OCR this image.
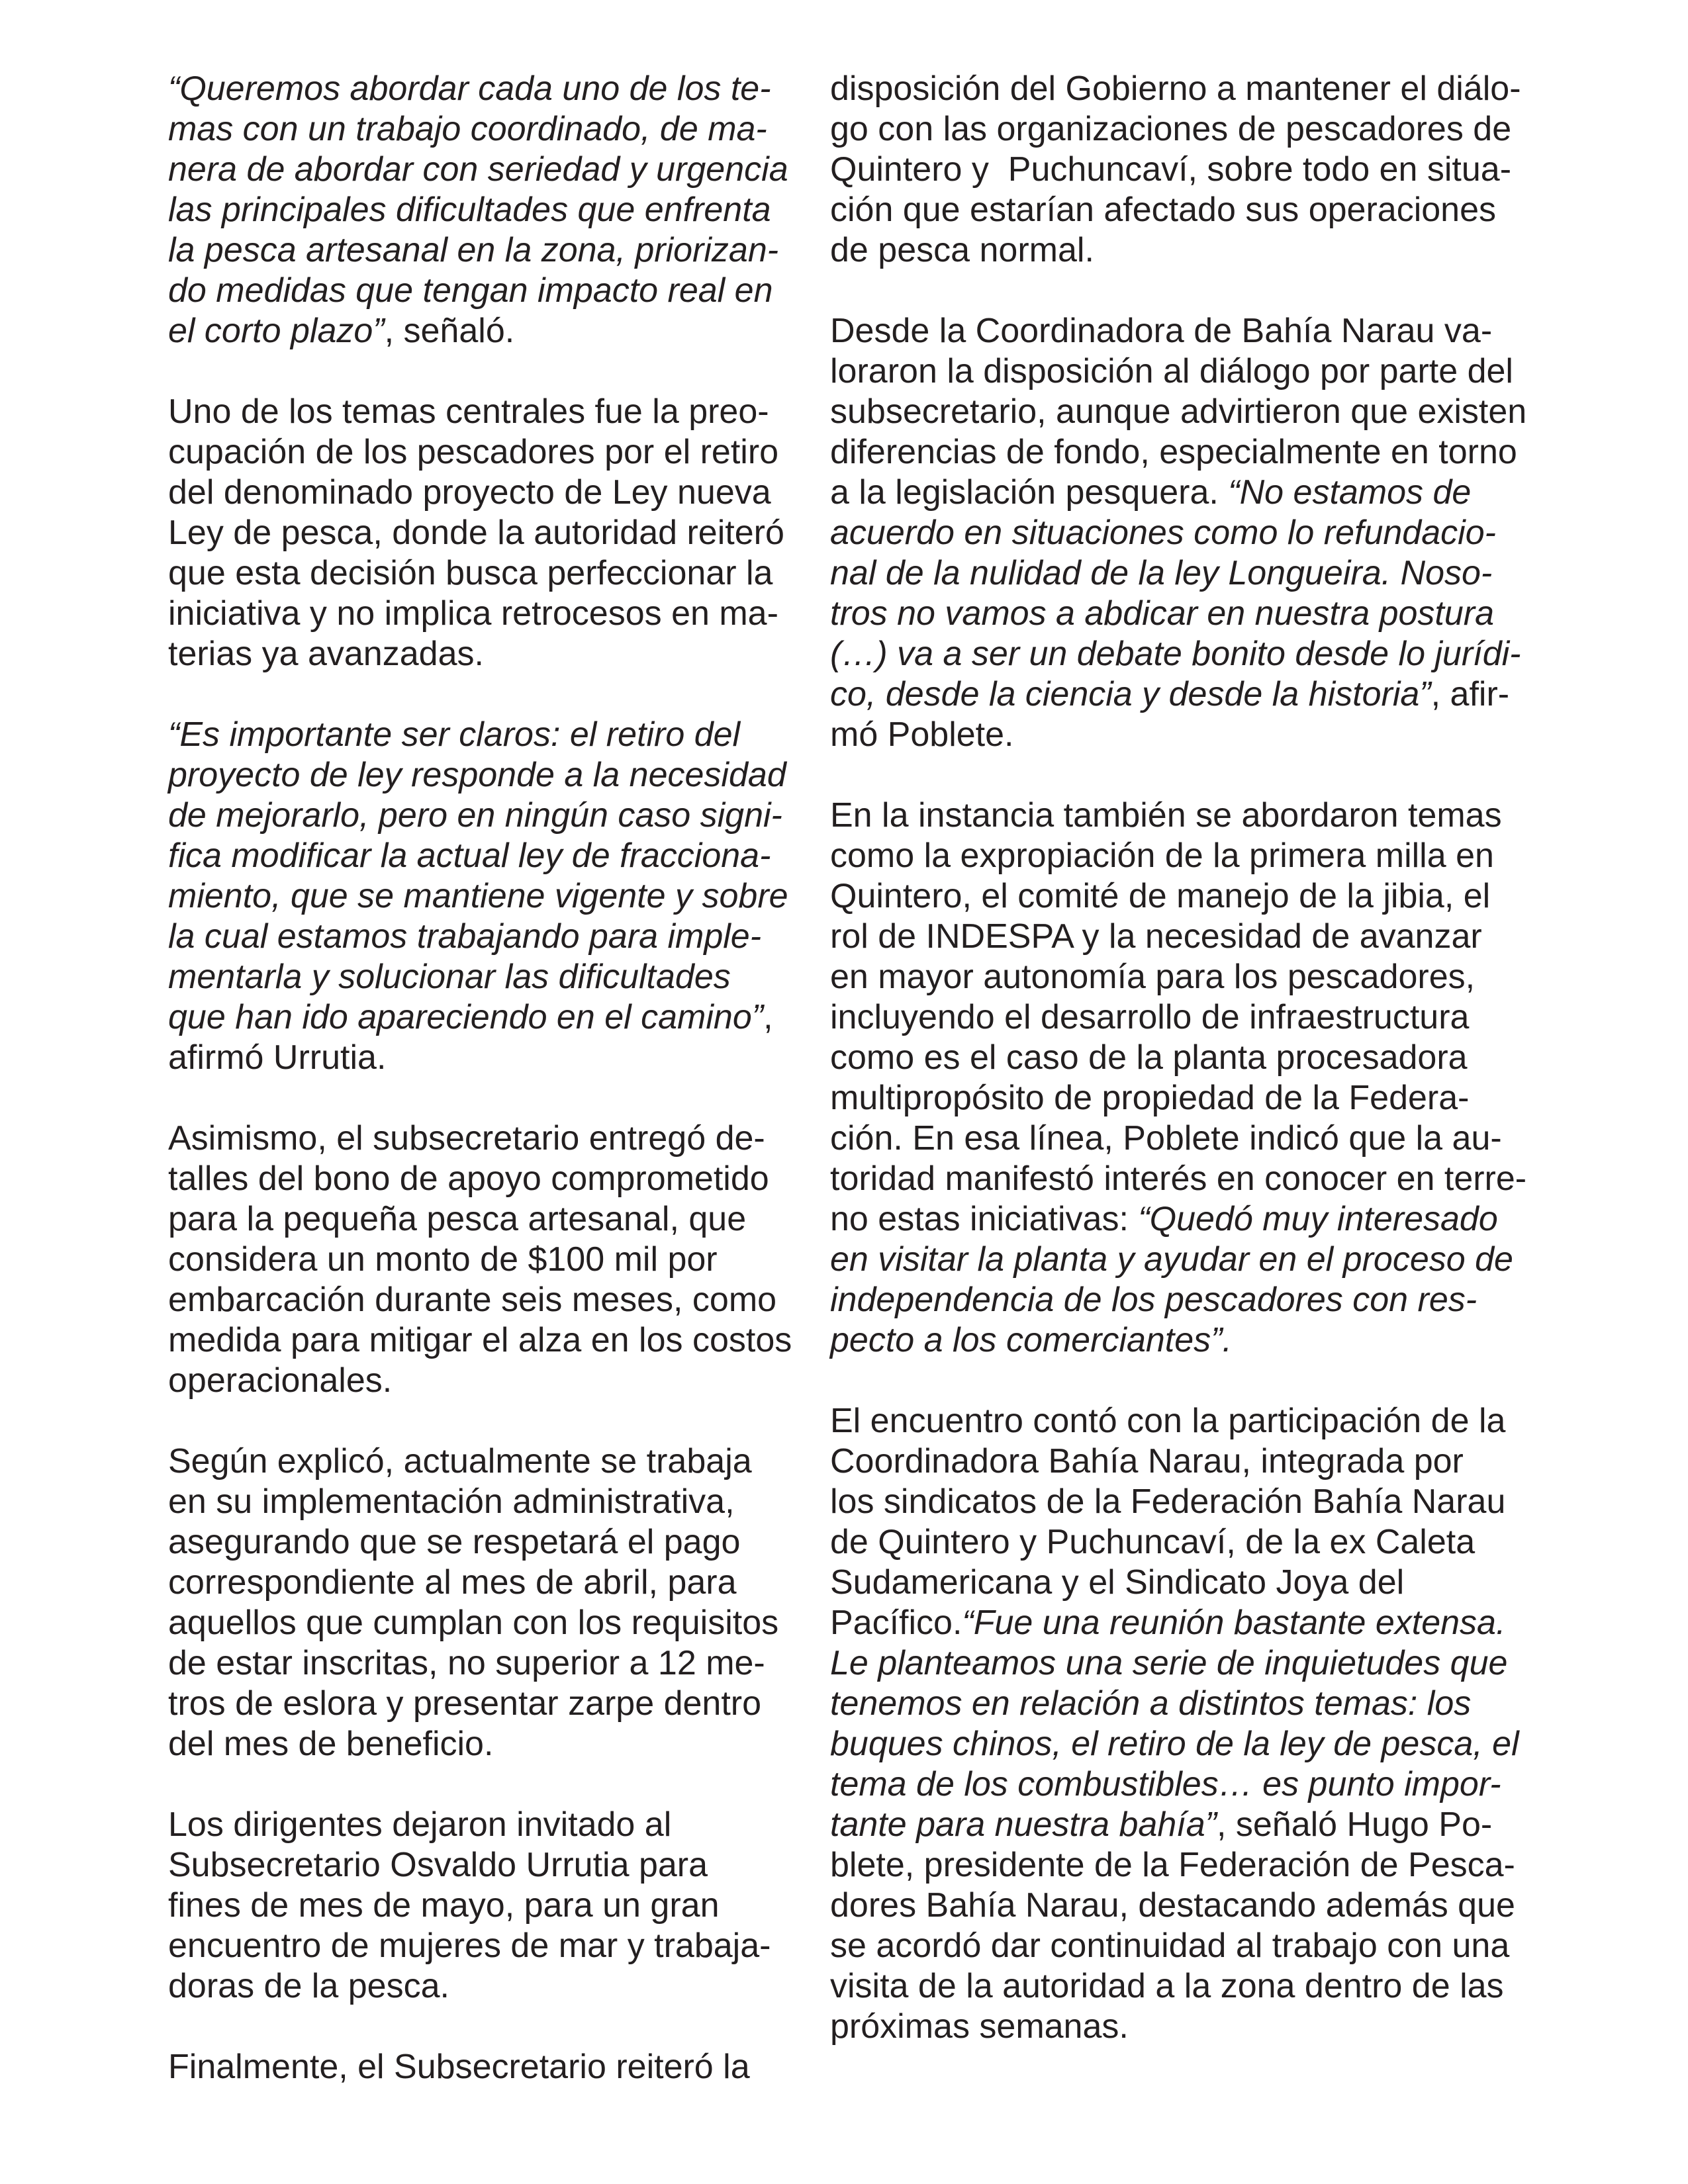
“Queremos abordar cada uno de los te-
mas con un trabajo coordinado, de ma-
nera de abordar con seriedad y urgencia
las principales dificultades que enfrenta
la pesca artesanal en la zona, priorizan-
do medidas que tengan impacto real en
el corto plazo”, señaló.
Uno de los temas centrales fue la preo-
cupación de los pescadores por el retiro
del denominado proyecto de Ley nueva
Ley de pesca, donde la autoridad reiteró
que esta decisión busca perfeccionar la
iniciativa y no implica retrocesos en ma-
terias ya avanzadas.
“Es importante ser claros: el retiro del
proyecto de ley responde a la necesidad
de mejorarlo, pero en ningún caso signi-
fica modificar la actual ley de fracciona-
miento, que se mantiene vigente y sobre
la cual estamos trabajando para imple-
mentarla y solucionar las dificultades
que han ido apareciendo en el camino”,
afirmó Urrutia.
Asimismo, el subsecretario entregó de-
talles del bono de apoyo comprometido
para la pequeña pesca artesanal, que
considera un monto de $100 mil por
embarcación durante seis meses, como
medida para mitigar el alza en los costos
operacionales.
Según explicó, actualmente se trabaja
en su implementación administrativa,
asegurando que se respetará el pago
correspondiente al mes de abril, para
aquellos que cumplan con los requisitos
de estar inscritas, no superior a 12 me-
tros de eslora y presentar zarpe dentro
del mes de beneficio.
Los dirigentes dejaron invitado al
Subsecretario Osvaldo Urrutia para
fines de mes de mayo, para un gran
encuentro de mujeres de mar y trabaja-
doras de la pesca.
Finalmente, el Subsecretario reiteró la
disposición del Gobierno a mantener el diálo-
go con las organizaciones de pescadores de
Quintero y  Puchuncaví, sobre todo en situa-
ción que estarían afectado sus operaciones
de pesca normal.
Desde la Coordinadora de Bahía Narau va-
loraron la disposición al diálogo por parte del
subsecretario, aunque advirtieron que existen
diferencias de fondo, especialmente en torno
a la legislación pesquera. “No estamos de
acuerdo en situaciones como lo refundacio-
nal de la nulidad de la ley Longueira. Noso-
tros no vamos a abdicar en nuestra postura
(…) va a ser un debate bonito desde lo jurídi-
co, desde la ciencia y desde la historia”, afir-
mó Poblete.
En la instancia también se abordaron temas
como la expropiación de la primera milla en
Quintero, el comité de manejo de la jibia, el
rol de INDESPA y la necesidad de avanzar
en mayor autonomía para los pescadores,
incluyendo el desarrollo de infraestructura
como es el caso de la planta procesadora
multipropósito de propiedad de la Federa-
ción. En esa línea, Poblete indicó que la au-
toridad manifestó interés en conocer en terre-
no estas iniciativas: “Quedó muy interesado
en visitar la planta y ayudar en el proceso de
independencia de los pescadores con res-
pecto a los comerciantes”.
El encuentro contó con la participación de la
Coordinadora Bahía Narau, integrada por
los sindicatos de la Federación Bahía Narau
de Quintero y Puchuncaví, de la ex Caleta
Sudamericana y el Sindicato Joya del
Pacífico.“Fue una reunión bastante extensa.
Le planteamos una serie de inquietudes que
tenemos en relación a distintos temas: los
buques chinos, el retiro de la ley de pesca, el
tema de los combustibles… es punto impor-
tante para nuestra bahía”, señaló Hugo Po-
blete, presidente de la Federación de Pesca-
dores Bahía Narau, destacando además que
se acordó dar continuidad al trabajo con una
visita de la autoridad a la zona dentro de las
próximas semanas.
